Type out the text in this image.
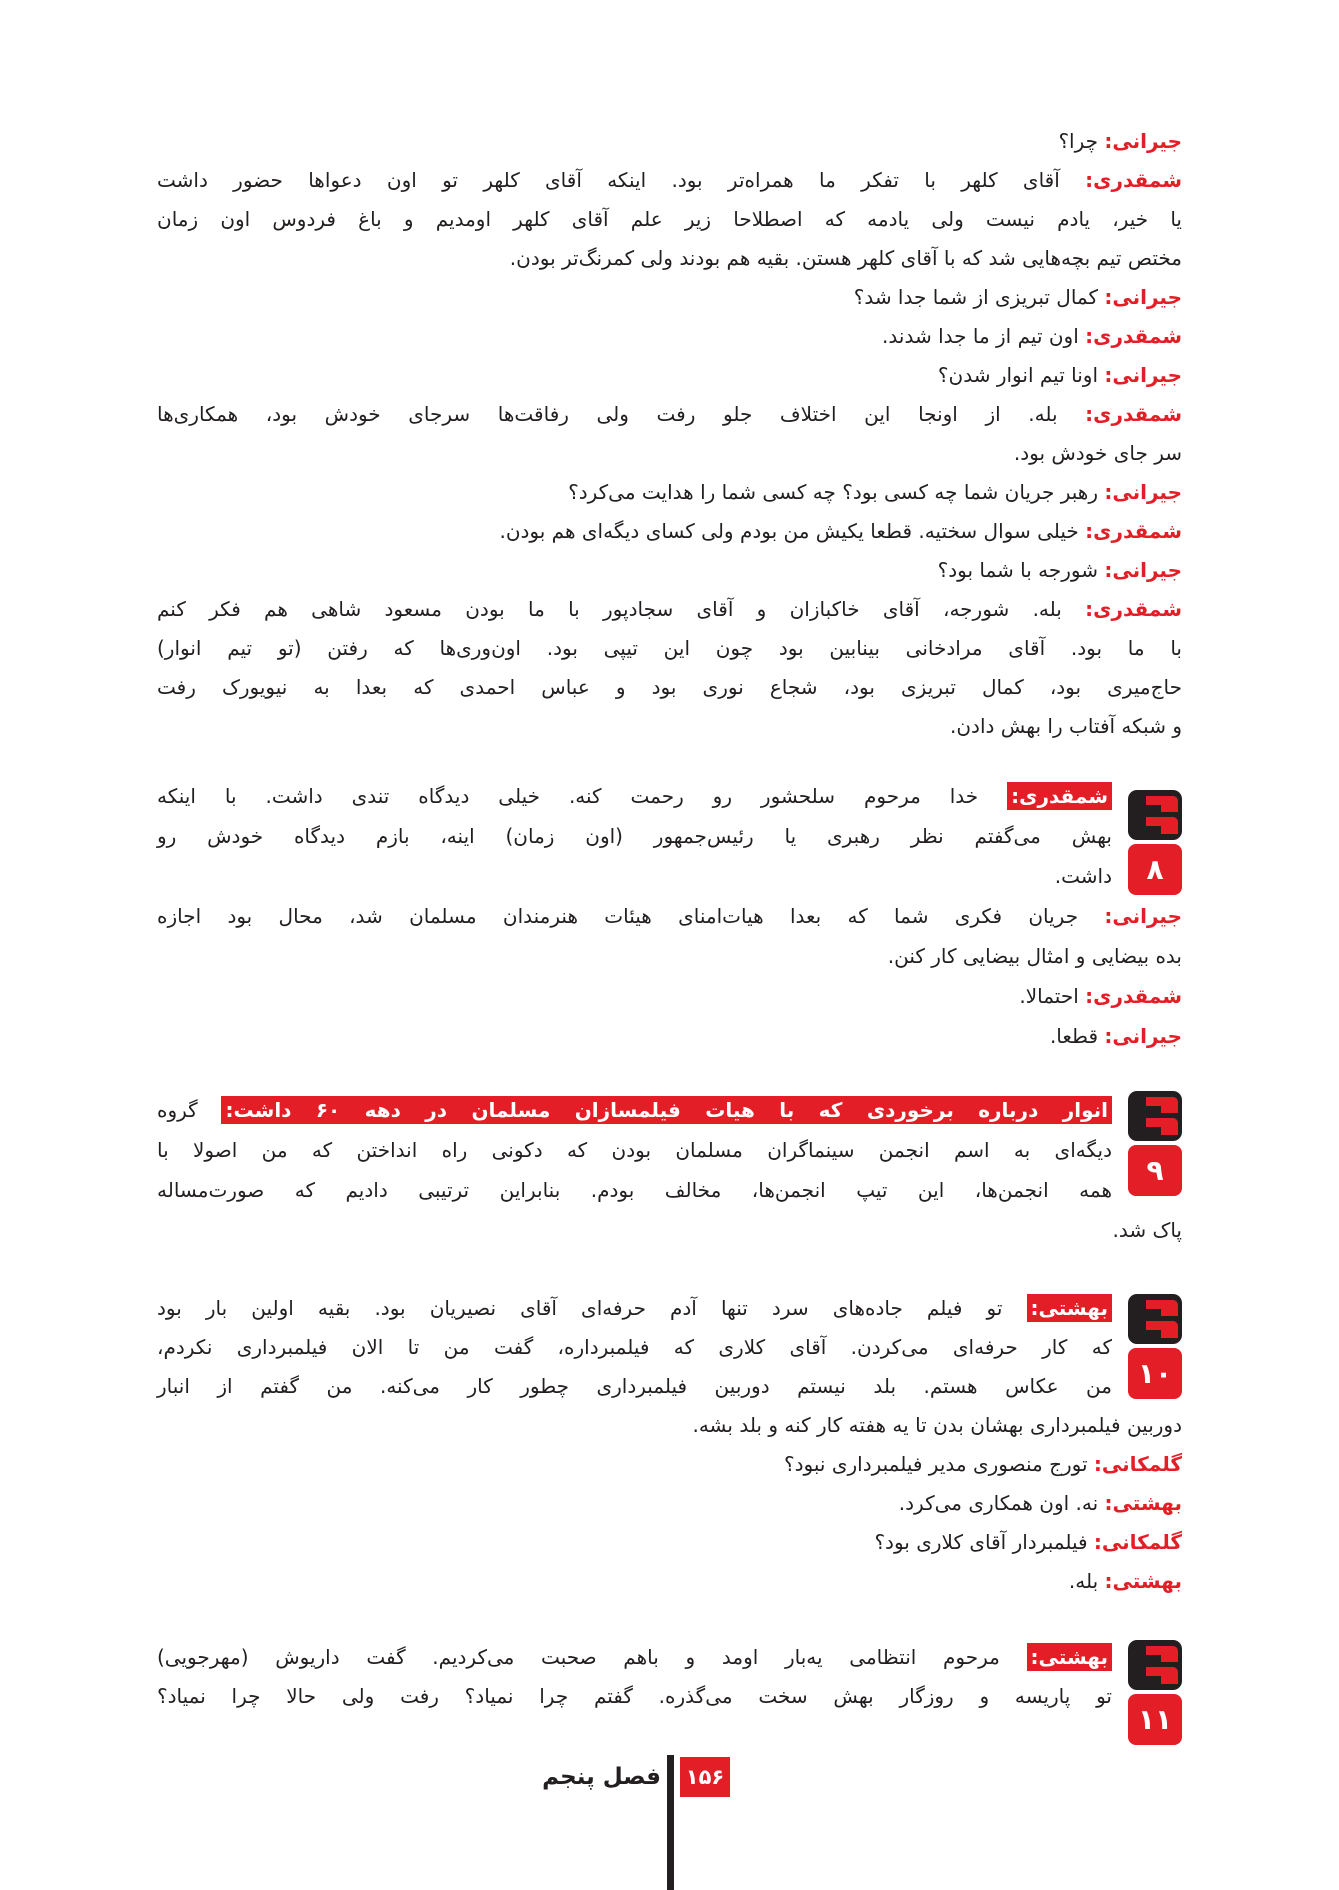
جیرانی: چرا؟
شمقدری: آقای کلهر با تفکر ما همراه‌تر بود. اینکه آقای کلهر تو اون دعواها حضور داشت
یا خیر، یادم نیست ولی یادمه که اصطلاحا زیر علم آقای کلهر اومدیم و باغ فردوس اون زمان
مختص تیم بچه‌هایی شد که با آقای کلهر هستن. بقیه هم بودند ولی کمرنگ‌تر بودن.
جیرانی: کمال تبریزی از شما جدا شد؟
شمقدری: اون تیم از ما جدا شدند.
جیرانی: اونا تیم انوار شدن؟
شمقدری: بله. از اونجا این اختلاف جلو رفت ولی رفاقت‌ها سرجای خودش بود، همکاری‌ها
سر جای خودش بود.
جیرانی: رهبر جریان شما چه کسی بود؟ چه کسی شما را هدایت می‌کرد؟
شمقدری: خیلی سوال سختیه. قطعا یکیش من بودم ولی کسای دیگه‌ای هم بودن.
جیرانی: شورجه با شما بود؟
شمقدری: بله. شورجه، آقای خاکبازان و آقای سجادپور با ما بودن مسعود شاهی هم فکر کنم
با ما بود. آقای مرادخانی بینابین بود چون این تیپی بود. اون‌وری‌ها که رفتن (تو تیم انوار)
حاج‌میری بود، کمال تبریزی بود، شجاع نوری بود و عباس احمدی که بعدا به نیویورک رفت
و شبکه آفتاب را بهش دادن.
۸
شمقدری: خدا مرحوم سلحشور رو رحمت کنه. خیلی دیدگاه تندی داشت. با اینکه
بهش می‌گفتم نظر رهبری یا رئیس‌جمهور (اون زمان) اینه، بازم دیدگاه خودش رو
داشت.
جیرانی: جریان فکری شما که بعدا هیات‌امنای هیئات هنرمندان مسلمان شد، محال بود اجازه
بده بیضایی و امثال بیضایی کار کنن.
شمقدری: احتمالا.
جیرانی: قطعا.
۹
انوار درباره برخوردی که با هیات فیلمسازان مسلمان در دهه ۶۰ داشت: گروه
دیگه‌ای به اسم انجمن سینماگران مسلمان بودن که دکونی راه انداختن که من اصولا با
همه انجمن‌ها، این تیپ انجمن‌ها، مخالف بودم. بنابراین ترتیبی دادیم که صورت‌مساله
پاک شد.
۱۰
بهشتی: تو فیلم جاده‌های سرد تنها آدم حرفه‌ای آقای نصیریان بود. بقیه اولین بار بود
که کار حرفه‌ای می‌کردن. آقای کلاری که فیلمبرداره، گفت من تا الان فیلمبرداری نکردم،
من عکاس هستم. بلد نیستم دوربین فیلمبرداری چطور کار می‌کنه. من گفتم از انبار
دوربین فیلمبرداری بهشان بدن تا یه هفته کار کنه و بلد بشه.
گلمکانی: تورج منصوری مدیر فیلمبرداری نبود؟
بهشتی: نه. اون همکاری می‌کرد.
گلمکانی: فیلمبردار آقای کلاری بود؟
بهشتی: بله.
۱۱
بهشتی: مرحوم انتظامی یه‌بار اومد و باهم صحبت می‌کردیم. گفت داریوش (مهرجویی)
تو پاریسه و روزگار بهش سخت می‌گذره. گفتم چرا نمیاد؟ رفت ولی حالا چرا نمیاد؟
فصل پنجم ۱۵۶
